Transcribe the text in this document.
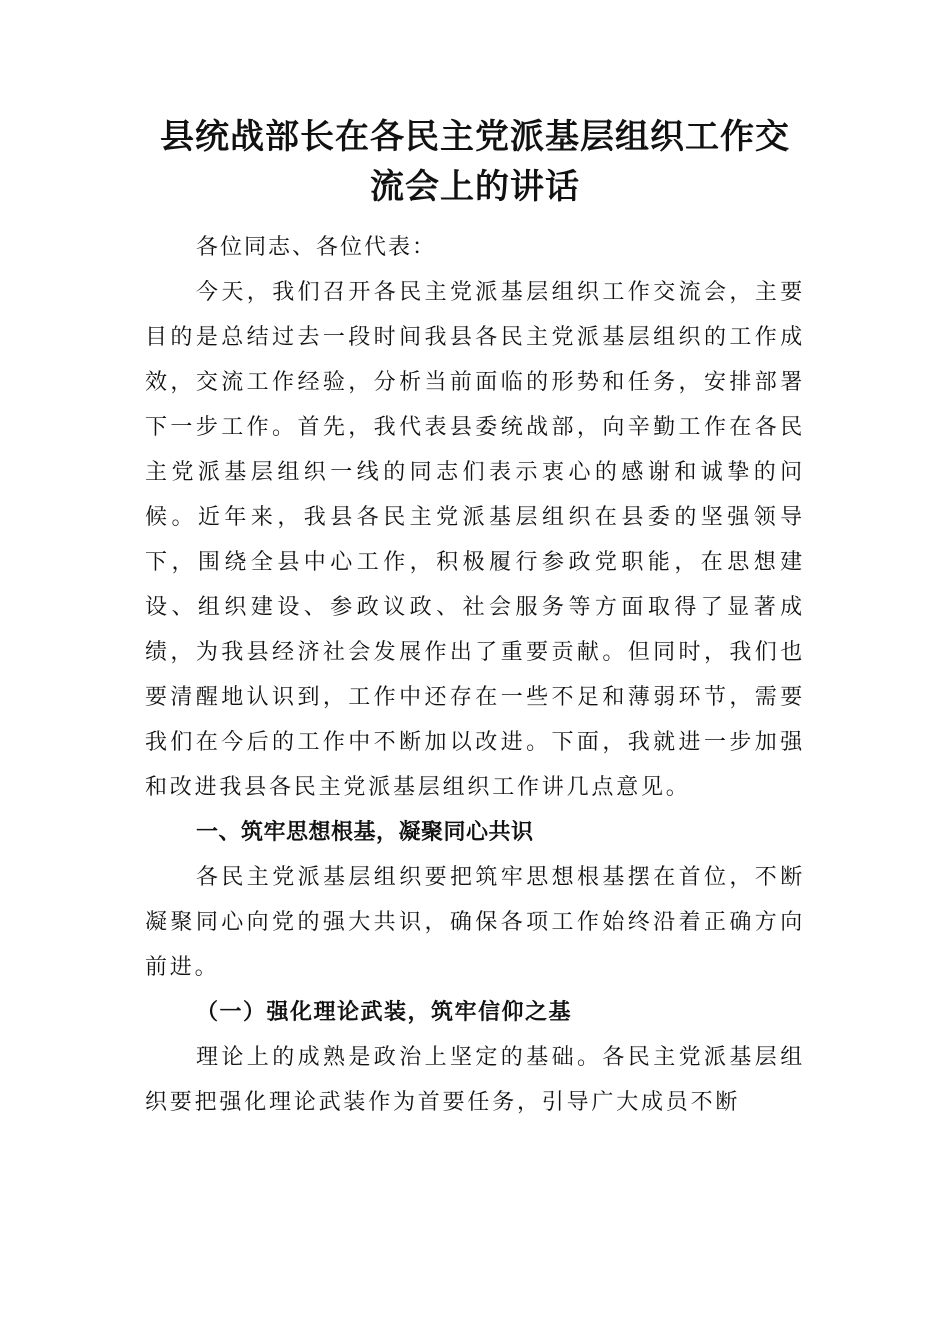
县统战部长在各民主党派基层组织工作交
流会上的讲话

各位同志、各位代表：

今天，我们召开各民主党派基层组织工作交流会，主要目的是总结过去一段时间我县各民主党派基层组织的工作成效，交流工作经验，分析当前面临的形势和任务，安排部署下一步工作。首先，我代表县委统战部，向辛勤工作在各民主党派基层组织一线的同志们表示衷心的感谢和诚挚的问候。近年来，我县各民主党派基层组织在县委的坚强领导下，围绕全县中心工作，积极履行参政党职能，在思想建设、组织建设、参政议政、社会服务等方面取得了显著成绩，为我县经济社会发展作出了重要贡献。但同时，我们也要清醒地认识到，工作中还存在一些不足和薄弱环节，需要我们在今后的工作中不断加以改进。下面，我就进一步加强和改进我县各民主党派基层组织工作讲几点意见。

一、筑牢思想根基，凝聚同心共识

各民主党派基层组织要把筑牢思想根基摆在首位，不断凝聚同心向党的强大共识，确保各项工作始终沿着正确方向前进。

（一）强化理论武装，筑牢信仰之基

理论上的成熟是政治上坚定的基础。各民主党派基层组织要把强化理论武装作为首要任务，引导广大成员不断
